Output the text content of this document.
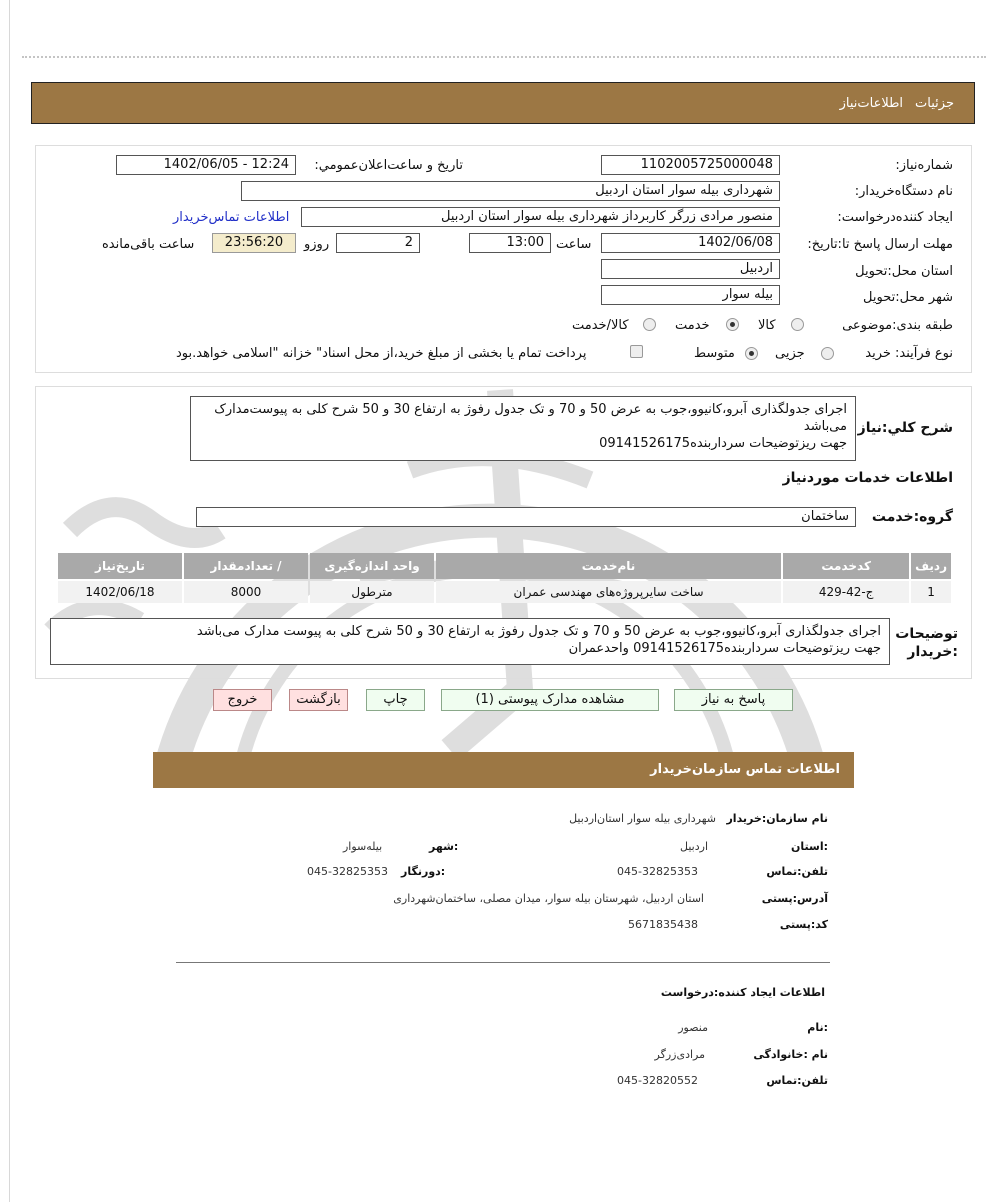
جزئیات
اطلاعات‌نیاز
شماره‌نیاز:
1102005725000048
تاریخ و ساعت‌اعلان‌عمومي:
1402/06/05 - 12:24
نام دستگاه‌خریدار:
شهرداری بیله سوار استان اردبیل
ایجاد کننده‌درخواست:
منصور مرادی زرگر کاربرداز شهرداری بیله سوار استان اردبیل
اطلاعات تماس‌خریدار
مهلت ارسال پاسخ تا:تاریخ:
1402/06/08
ساعت
13:00
2
روزو
23:56:20
ساعت باقی‌مانده
استان محل:تحویل
اردبیل
شهر محل:تحویل
بیله سوار
طبقه بندی:موضوعی
کالا
خدمت
کالا/خدمت
نوع فرآیند: خرید
جزیی
متوسط
پرداخت تمام یا بخشی از مبلغ خرید،از محل اسناد" خزانه "اسلامی خواهد.بود
شرح کلي:نیاز
اجرای جدولگذاری آبرو،کانیوو،جوب به عرض 50 و 70 و تک جدول رفوژ به ارتفاع 30 و 50 شرح کلی به پیوست‌مدارک
می‌باشد
جهت ریزتوضیحات سرداربنده09141526175
اطلاعات خدمات موردنیاز
گروه:خدمت
ساختمان
ردیف	کدخدمت	نام‌خدمت	واحد اندازه‌گیری	/ تعدادمقدار	تاریخ‌نیاز
1	ج-42-429	ساخت سایرپروژه‌های مهندسی عمران	مترطول	8000	1402/06/18
توضیحات
:خریدار
اجرای جدولگذاری آبرو،کانیوو،جوب به عرض 50 و 70 و تک جدول رفوژ به ارتفاع 30 و 50 شرح کلی به پیوست مدارک می‌باشد
جهت ریزتوضیحات سرداربنده09141526175 واحدعمران
پاسخ به نیاز
مشاهده مدارک پیوستی (1)
چاپ
بازگشت
خروج
اطلاعات تماس سازمان‌خریدار
نام سازمان:خریدار
شهرداری بیله سوار استان‌اردبیل
:استان
اردبیل
:شهر
بیله‌سوار
تلفن:تماس
045-32825353
:دورنگار
045-32825353
آدرس:پستی
استان اردبیل، شهرستان بیله سوار، میدان مصلی، ساختمان‌شهرداری
کد:پستی
5671835438
اطلاعات ایجاد کننده:درخواست
:نام
منصور
نام :خانوادگی
مرادی‌زرگر
تلفن:تماس
045-32820552
